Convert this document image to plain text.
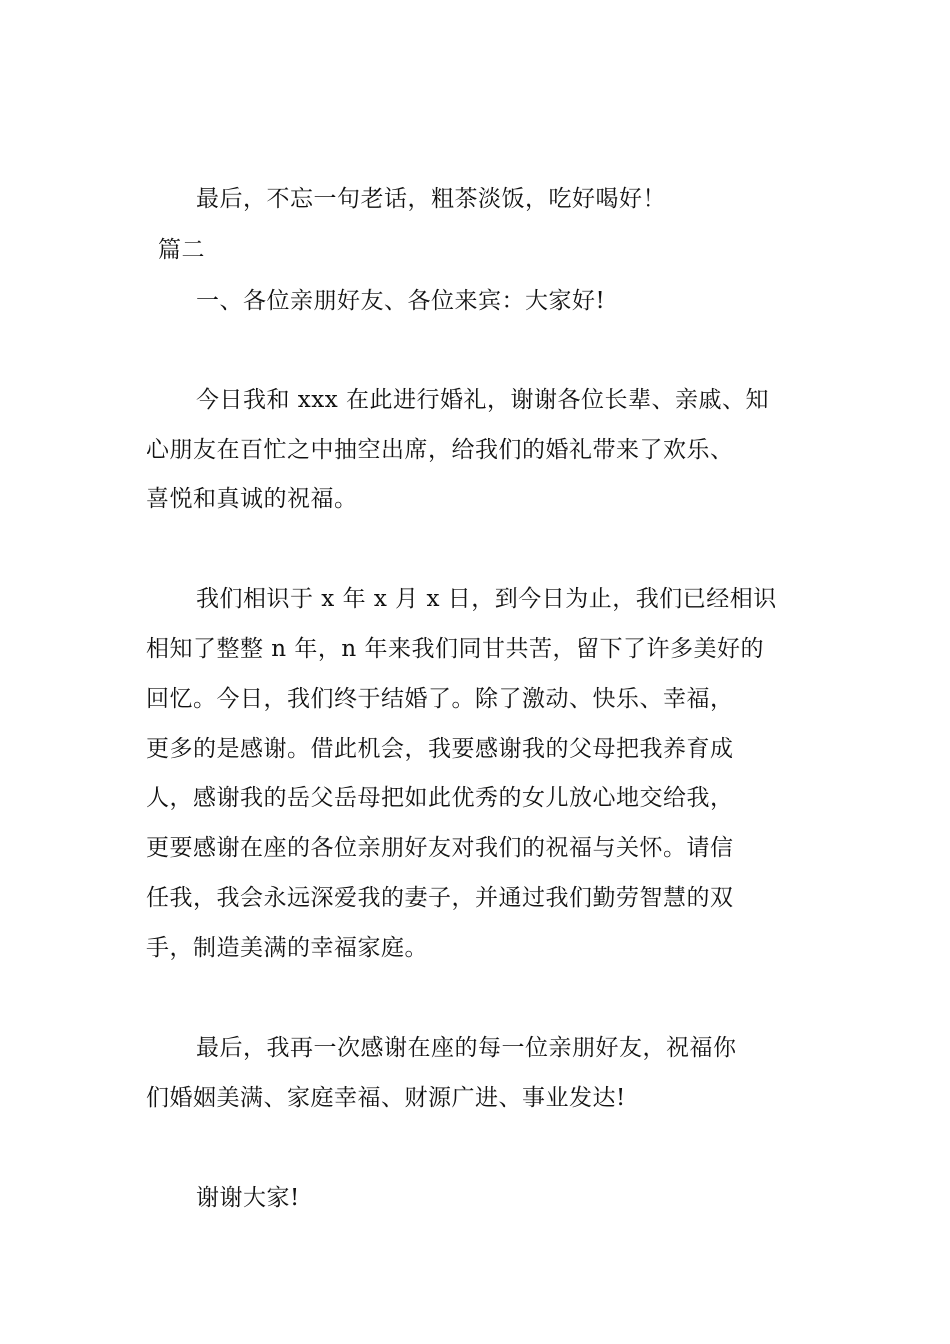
最后，不忘一句老话，粗茶淡饭，吃好喝好！
篇二
一、各位亲朋好友、各位来宾：大家好!
今日我和 xxx 在此进行婚礼，谢谢各位长辈、亲戚、知
心朋友在百忙之中抽空出席，给我们的婚礼带来了欢乐、
喜悦和真诚的祝福。
我们相识于 x 年 x 月 x 日，到今日为止，我们已经相识
相知了整整 n 年，n 年来我们同甘共苦，留下了许多美好的
回忆。今日，我们终于结婚了。除了激动、快乐、幸福，
更多的是感谢。借此机会，我要感谢我的父母把我养育成
人，感谢我的岳父岳母把如此优秀的女儿放心地交给我，
更要感谢在座的各位亲朋好友对我们的祝福与关怀。请信
任我，我会永远深爱我的妻子，并通过我们勤劳智慧的双
手，制造美满的幸福家庭。
最后，我再一次感谢在座的每一位亲朋好友，祝福你
们婚姻美满、家庭幸福、财源广进、事业发达!
谢谢大家!
